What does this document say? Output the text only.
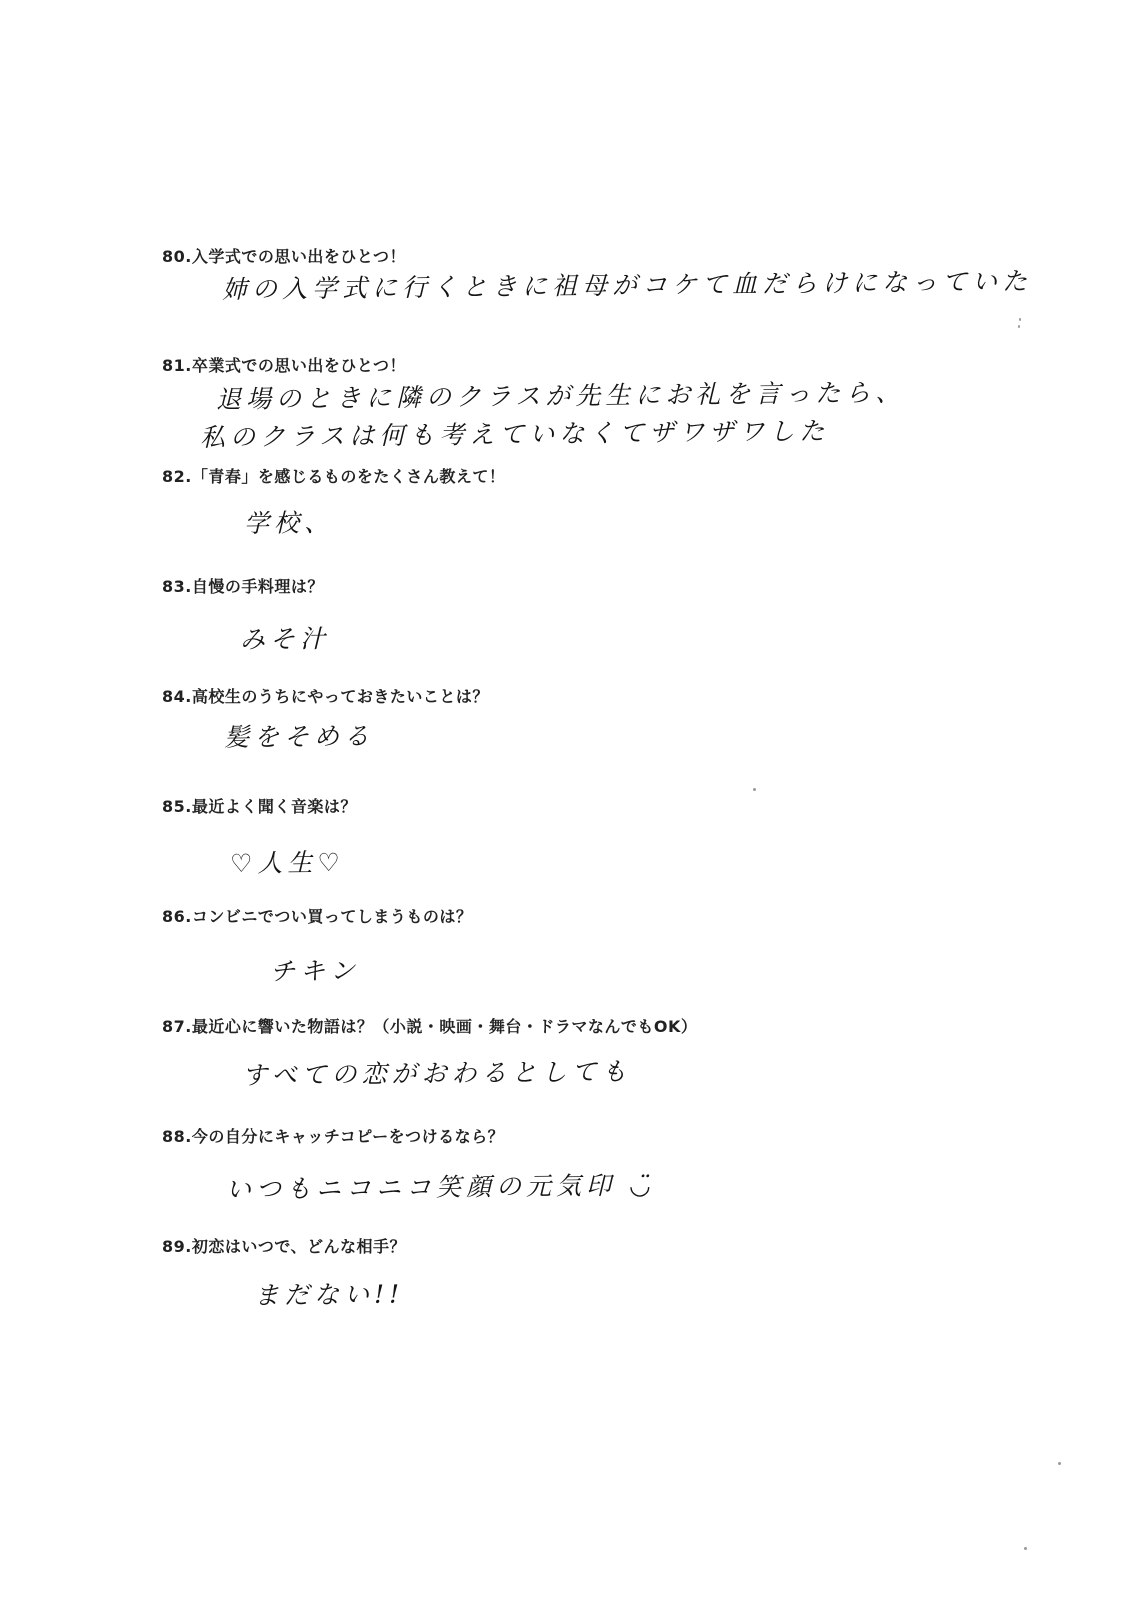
80.入学式での思い出をひとつ！
姉の入学式に行くときに祖母がコケて血だらけになっていた
81.卒業式での思い出をひとつ！
退場のときに隣のクラスが先生にお礼を言ったら、
私のクラスは何も考えていなくてザワザワした
82.「青春」を感じるものをたくさん教えて！
学校、
83.自慢の手料理は？
みそ汁
84.高校生のうちにやっておきたいことは？
髪をそめる
85.最近よく聞く音楽は？
♡人生♡
86.コンビニでつい買ってしまうものは？
チキン
87.最近心に響いた物語は？（小説・映画・舞台・ドラマなんでもOK）
すべての恋がおわるとしても
88.今の自分にキャッチコピーをつけるなら？
いつもニコニコ笑顔の元気印 ◡̈
89.初恋はいつで、どんな相手？
まだない!!
